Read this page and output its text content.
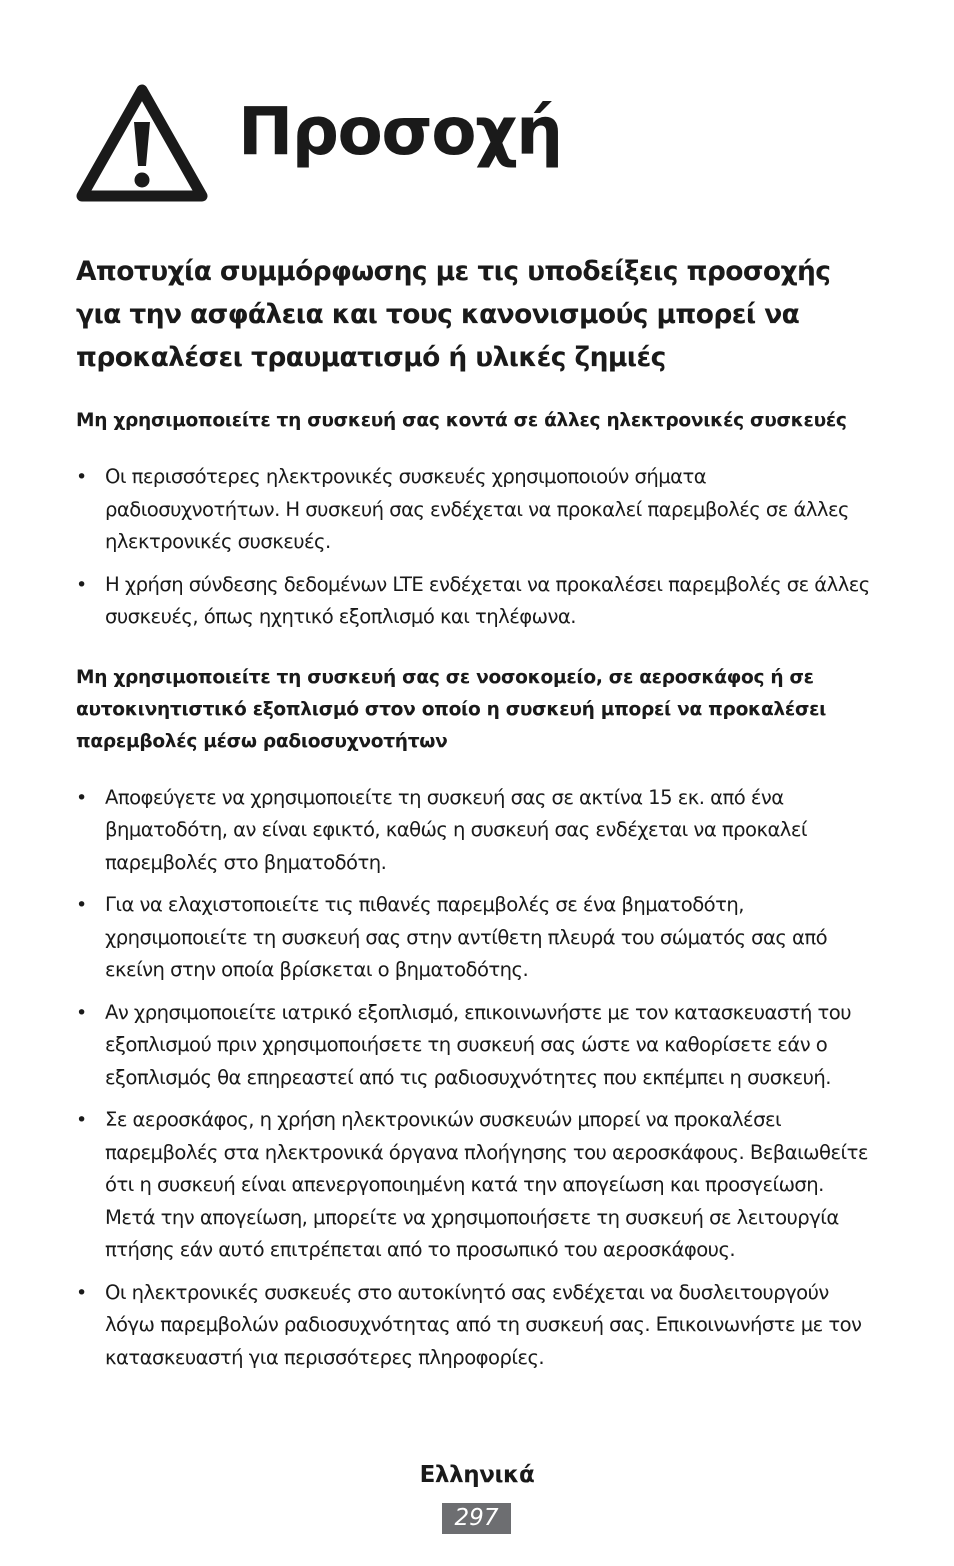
Προσοχή
Αποτυχία συμμόρφωσης με τις υποδείξεις προσοχής για την ασφάλεια και τους κανονισμούς μπορεί να προκαλέσει τραυματισμό ή υλικές ζημιές
Μη χρησιμοποιείτε τη συσκευή σας κοντά σε άλλες ηλεκτρονικές συσκευές
• Οι περισσότερες ηλεκτρονικές συσκευές χρησιμοποιούν σήματα ραδιοσυχνοτήτων. Η συσκευή σας ενδέχεται να προκαλεί παρεμβολές σε άλλες ηλεκτρονικές συσκευές.
• Η χρήση σύνδεσης δεδομένων LTE ενδέχεται να προκαλέσει παρεμβολές σε άλλες συσκευές, όπως ηχητικό εξοπλισμό και τηλέφωνα.
Μη χρησιμοποιείτε τη συσκευή σας σε νοσοκομείο, σε αεροσκάφος ή σε αυτοκινητιστικό εξοπλισμό στον οποίο η συσκευή μπορεί να προκαλέσει παρεμβολές μέσω ραδιοσυχνοτήτων
• Αποφεύγετε να χρησιμοποιείτε τη συσκευή σας σε ακτίνα 15 εκ. από ένα βηματοδότη, αν είναι εφικτό, καθώς η συσκευή σας ενδέχεται να προκαλεί παρεμβολές στο βηματοδότη.
• Για να ελαχιστοποιείτε τις πιθανές παρεμβολές σε ένα βηματοδότη, χρησιμοποιείτε τη συσκευή σας στην αντίθετη πλευρά του σώματός σας από εκείνη στην οποία βρίσκεται ο βηματοδότης.
• Αν χρησιμοποιείτε ιατρικό εξοπλισμό, επικοινωνήστε με τον κατασκευαστή του εξοπλισμού πριν χρησιμοποιήσετε τη συσκευή σας ώστε να καθορίσετε εάν ο εξοπλισμός θα επηρεαστεί από τις ραδιοσυχνότητες που εκπέμπει η συσκευή.
• Σε αεροσκάφος, η χρήση ηλεκτρονικών συσκευών μπορεί να προκαλέσει παρεμβολές στα ηλεκτρονικά όργανα πλοήγησης του αεροσκάφους. Βεβαιωθείτε ότι η συσκευή είναι απενεργοποιημένη κατά την απογείωση και προσγείωση. Μετά την απογείωση, μπορείτε να χρησιμοποιήσετε τη συσκευή σε λειτουργία πτήσης εάν αυτό επιτρέπεται από το προσωπικό του αεροσκάφους.
• Οι ηλεκτρονικές συσκευές στο αυτοκίνητό σας ενδέχεται να δυσλειτουργούν λόγω παρεμβολών ραδιοσυχνότητας από τη συσκευή σας. Επικοινωνήστε με τον κατασκευαστή για περισσότερες πληροφορίες.
Ελληνικά
297
